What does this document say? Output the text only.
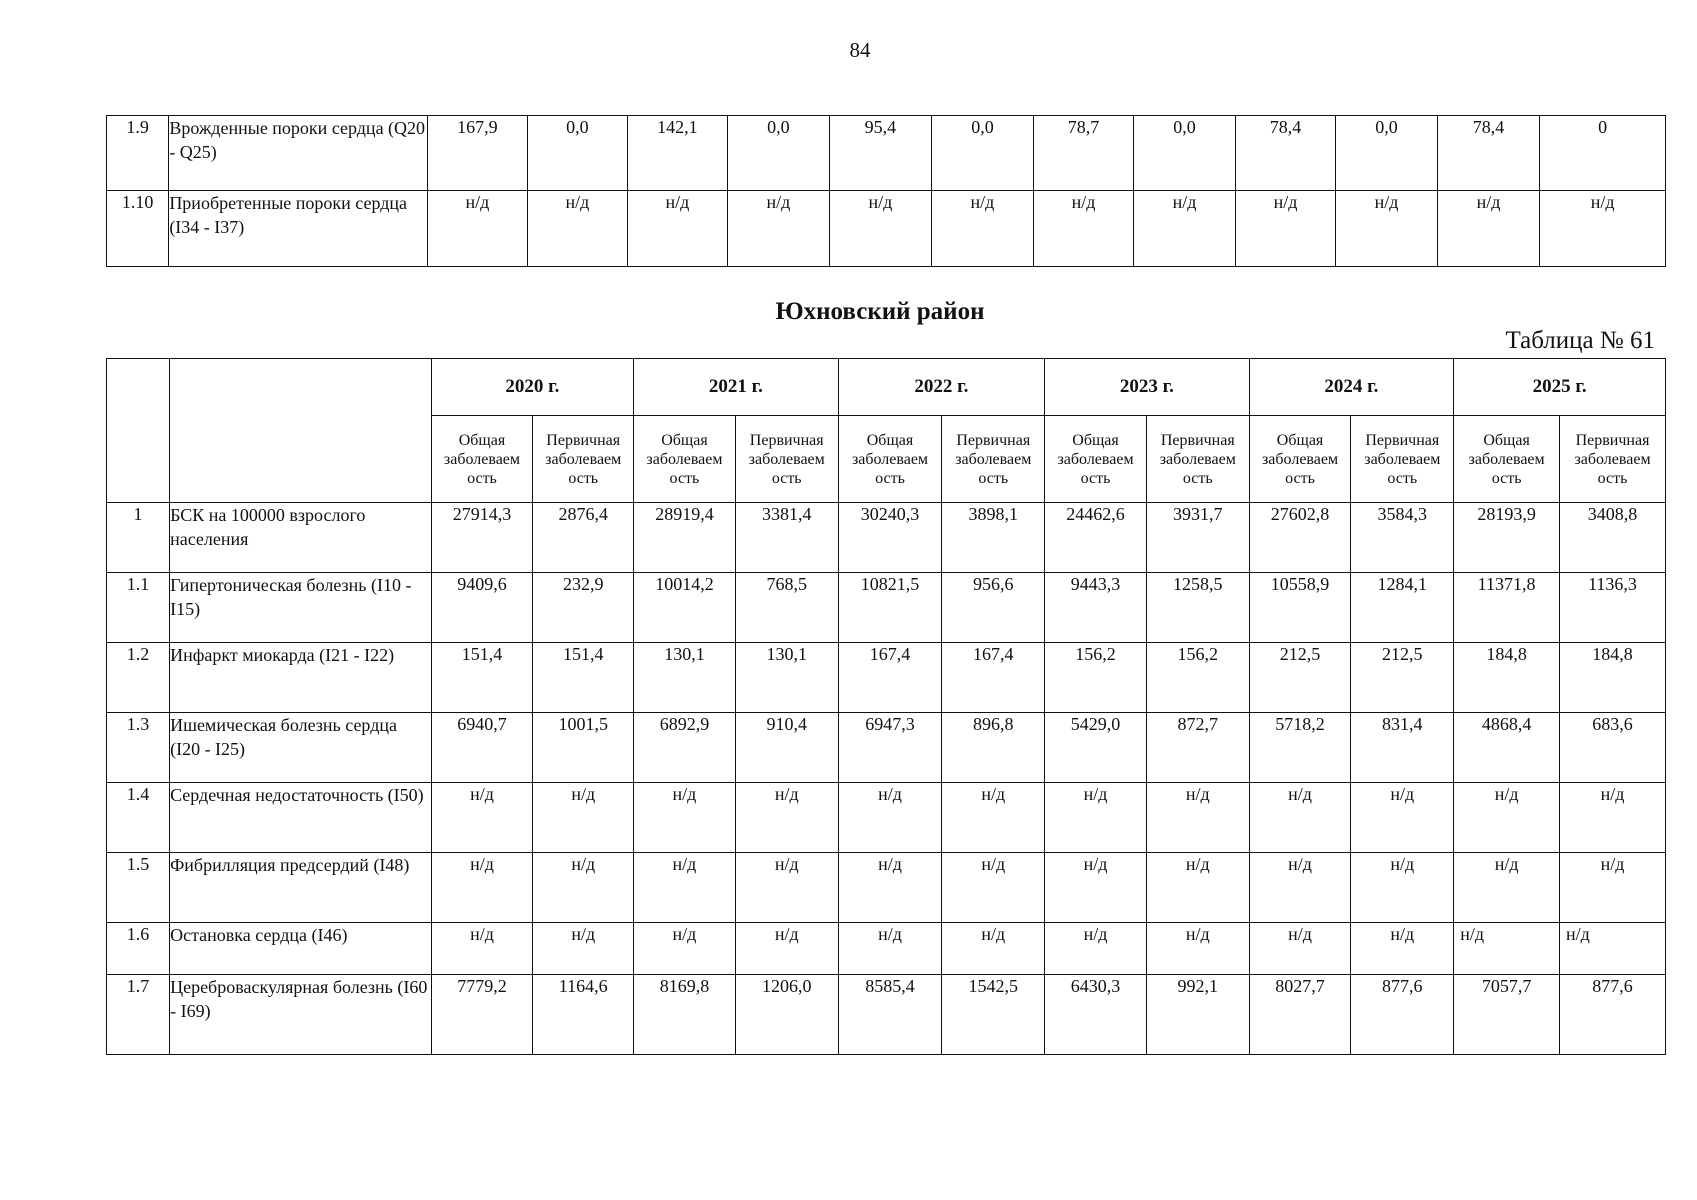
84
1.9	Врожденные пороки сердца (Q20 - Q25)	167,9	0,0	142,1	0,0	95,4	0,0	78,7	0,0	78,4	0,0	78,4	0
1.10	Приобретенные пороки сердца (I34 - I37)	н/д	н/д	н/д	н/д	н/д	н/д	н/д	н/д	н/д	н/д	н/д	н/д
Юхновский район
Таблица № 61
		2020 г.		2021 г.		2022 г.		2023 г.		2024 г.		2025 г.	
		Общая заболеваем ость	Первичная заболеваем ость	Общая заболеваем ость	Первичная заболеваем ость	Общая заболеваем ость	Первичная заболеваем ость	Общая заболеваем ость	Первичная заболеваем ость	Общая заболеваем ость	Первичная заболеваем ость	Общая заболеваем ость	Первичная заболеваем ость
1	БСК на 100000 взрослого населения	27914,3	2876,4	28919,4	3381,4	30240,3	3898,1	24462,6	3931,7	27602,8	3584,3	28193,9	3408,8
1.1	Гипертоническая болезнь (I10 - I15)	9409,6	232,9	10014,2	768,5	10821,5	956,6	9443,3	1258,5	10558,9	1284,1	11371,8	1136,3
1.2	Инфаркт миокарда (I21 - I22)	151,4	151,4	130,1	130,1	167,4	167,4	156,2	156,2	212,5	212,5	184,8	184,8
1.3	Ишемическая болезнь сердца (I20 - I25)	6940,7	1001,5	6892,9	910,4	6947,3	896,8	5429,0	872,7	5718,2	831,4	4868,4	683,6
1.4	Сердечная недостаточность (I50)	н/д	н/д	н/д	н/д	н/д	н/д	н/д	н/д	н/д	н/д	н/д	н/д
1.5	Фибрилляция предсердий (I48)	н/д	н/д	н/д	н/д	н/д	н/д	н/д	н/д	н/д	н/д	н/д	н/д
1.6	Остановка сердца (I46)	н/д	н/д	н/д	н/д	н/д	н/д	н/д	н/д	н/д	н/д	н/д	н/д
1.7	Цереброваскулярная болезнь (I60 - I69)	7779,2	1164,6	8169,8	1206,0	8585,4	1542,5	6430,3	992,1	8027,7	877,6	7057,7	877,6
